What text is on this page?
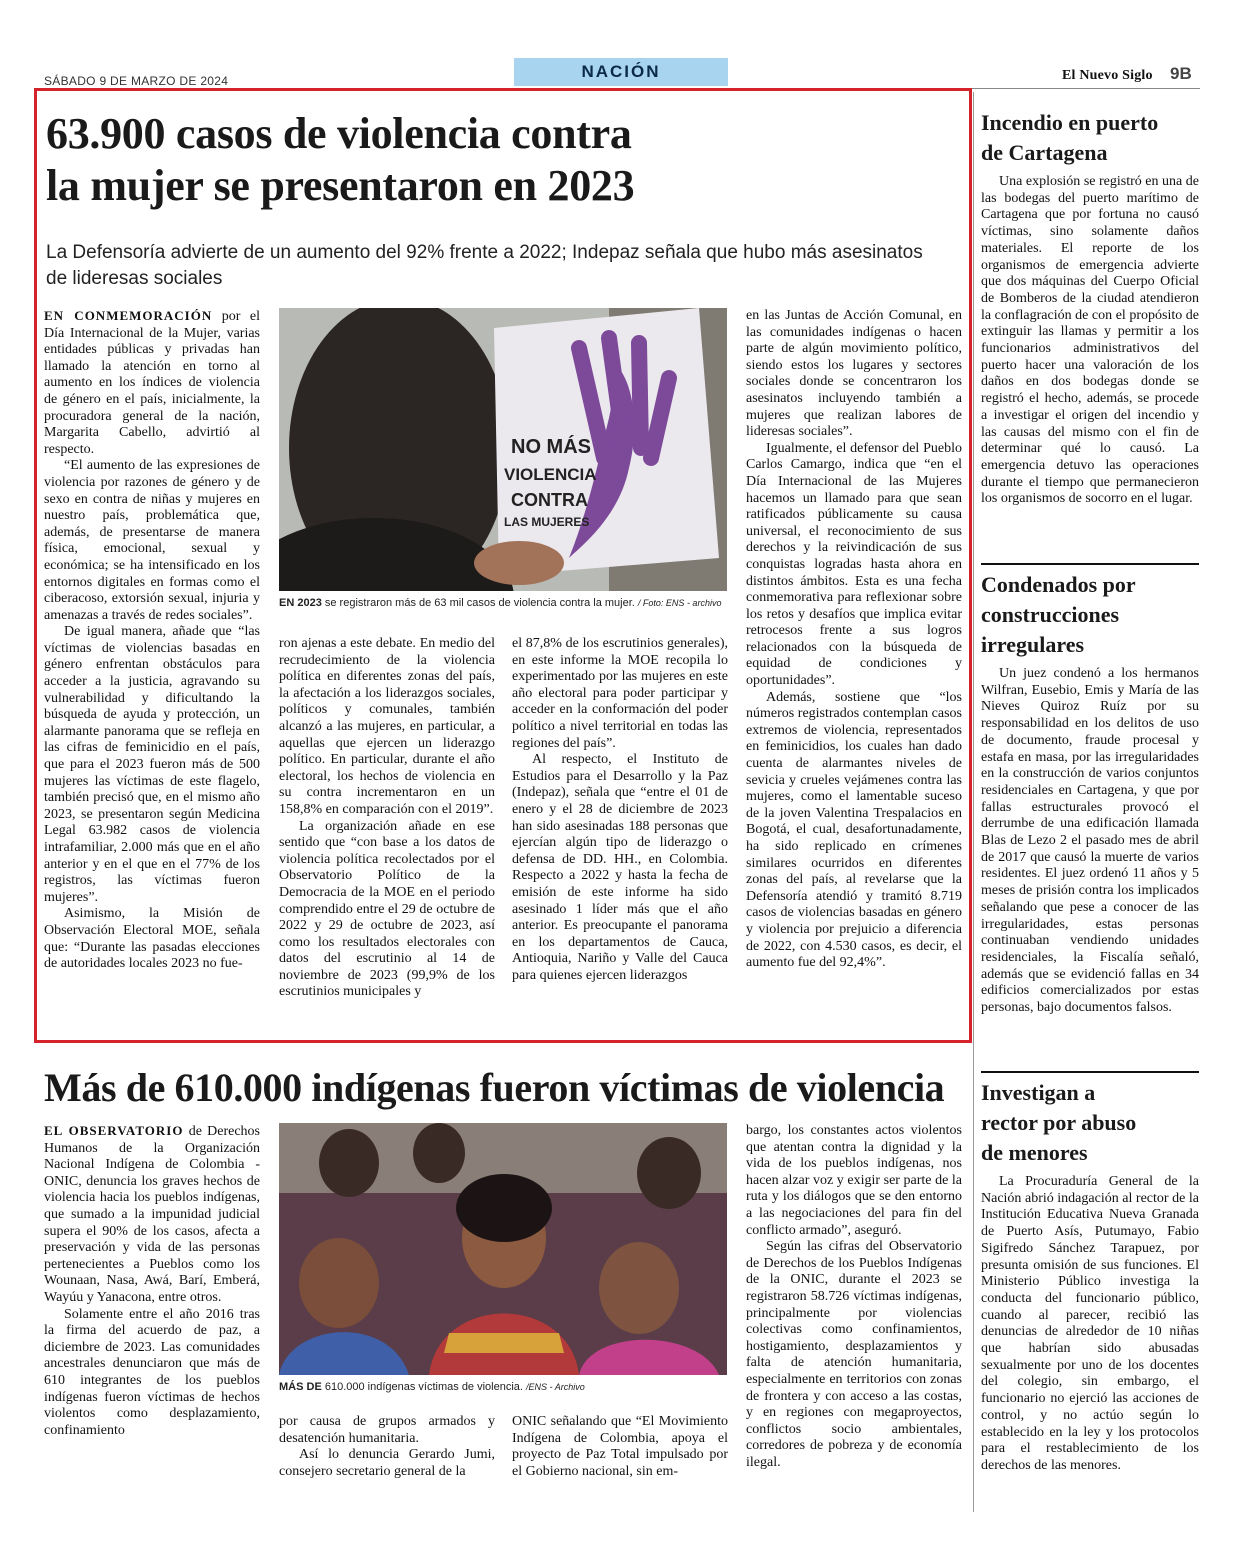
SÁBADO 9 DE MARZO DE 2024	NACIÓN	El Nuevo Siglo 9B
63.900 casos de violencia contra
la mujer se presentaron en 2023
La Defensoría advierte de un aumento del 92% frente a 2022; Indepaz señala que hubo más asesinatos de lideresas sociales

EN CONMEMORACIÓN por el Día Internacional de la Mujer, varias entidades públicas y privadas han llamado la atención en torno al aumento en los índices de violencia de género en el país, inicialmente, la procuradora general de la nación, Margarita Cabello, advirtió al respecto.

“El aumento de las expresiones de violencia por razones de género y de sexo en contra de niñas y mujeres en nuestro país, problemática que, además, de presentarse de manera física, emocional, sexual y económica; se ha intensificado en los entornos digitales en formas como el ciberacoso, extorsión sexual, injuria y amenazas a través de redes sociales”.

De igual manera, añade que “las víctimas de violencias basadas en género enfrentan obstáculos para acceder a la justicia, agravando su vulnerabilidad y dificultando la búsqueda de ayuda y protección, un alarmante panorama que se refleja en las cifras de feminicidio en el país, que para el 2023 fueron más de 500 mujeres las víctimas de este flagelo, también precisó que, en el mismo año 2023, se presentaron según Medicina Legal 63.982 casos de violencia intrafamiliar, 2.000 más que en el año anterior y en el que en el 77% de los registros, las víctimas fueron mujeres”.

Asimismo, la Misión de Observación Electoral MOE, señala que: “Durante las pasadas elecciones de autoridades locales 2023 no fue-

NO MÁS
VIOLENCIA
CONTRA
LAS MUJERES
EN 2023 se registraron más de 63 mil casos de violencia contra la mujer. / Foto: ENS - archivo

ron ajenas a este debate. En medio del recrudecimiento de la violencia política en diferentes zonas del país, la afectación a los liderazgos sociales, políticos y comunales, también alcanzó a las mujeres, en particular, a aquellas que ejercen un liderazgo político. En particular, durante el año electoral, los hechos de violencia en su contra incrementaron en un 158,8% en comparación con el 2019”.

La organización añade en ese sentido que “con base a los datos de violencia política recolectados por el Observatorio Político de la Democracia de la MOE en el periodo comprendido entre el 29 de octubre de 2022 y 29 de octubre de 2023, así como los resultados electorales con datos del escrutinio al 14 de noviembre de 2023 (99,9% de los escrutinios municipales y

el 87,8% de los escrutinios generales), en este informe la MOE recopila lo experimentado por las mujeres en este año electoral para poder participar y acceder en la conformación del poder político a nivel territorial en todas las regiones del país”.

Al respecto, el Instituto de Estudios para el Desarrollo y la Paz (Indepaz), señala que “entre el 01 de enero y el 28 de diciembre de 2023 han sido asesinadas 188 personas que ejercían algún tipo de liderazgo o defensa de DD. HH., en Colombia. Respecto a 2022 y hasta la fecha de emisión de este informe ha sido asesinado 1 líder más que el año anterior. Es preocupante el panorama en los departamentos de Cauca, Antioquia, Nariño y Valle del Cauca para quienes ejercen liderazgos

en las Juntas de Acción Comunal, en las comunidades indígenas o hacen parte de algún movimiento político, siendo estos los lugares y sectores sociales donde se concentraron los asesinatos incluyendo también a mujeres que realizan labores de lideresas sociales”.

Igualmente, el defensor del Pueblo Carlos Camargo, indica que “en el Día Internacional de las Mujeres hacemos un llamado para que sean ratificados públicamente su causa universal, el reconocimiento de sus derechos y la reivindicación de sus conquistas logradas hasta ahora en distintos ámbitos. Esta es una fecha conmemorativa para reflexionar sobre los retos y desafíos que implica evitar retrocesos frente a sus logros relacionados con la búsqueda de equidad de condiciones y oportunidades”.

Además, sostiene que “los números registrados contemplan casos extremos de violencia, representados en feminicidios, los cuales han dado cuenta de alarmantes niveles de sevicia y crueles vejámenes contra las mujeres, como el lamentable suceso de la joven Valentina Trespalacios en Bogotá, el cual, desafortunadamente, ha sido replicado en crímenes similares ocurridos en diferentes zonas del país, al revelarse que la Defensoría atendió y tramitó 8.719 casos de violencias basadas en género y violencia por prejuicio a diferencia de 2022, con 4.530 casos, es decir, el aumento fue del 92,4%”.

Más de 610.000 indígenas fueron víctimas de violencia

EL OBSERVATORIO de Derechos Humanos de la Organización Nacional Indígena de Colombia - ONIC, denuncia los graves hechos de violencia hacia los pueblos indígenas, que sumado a la impunidad judicial supera el 90% de los casos, afecta a preservación y vida de las personas pertenecientes a Pueblos como los Wounaan, Nasa, Awá, Barí, Emberá, Wayúu y Yanacona, entre otros.

Solamente entre el año 2016 tras la firma del acuerdo de paz, a diciembre de 2023. Las comunidades ancestrales denunciaron que más de 610 integrantes de los pueblos indígenas fueron víctimas de hechos violentos como desplazamiento, confinamiento

MÁS DE 610.000 indígenas víctimas de violencia. /ENS - Archivo

por causa de grupos armados y desatención humanitaria.

Así lo denuncia Gerardo Jumi, consejero secretario general de la

ONIC señalando que “El Movimiento Indígena de Colombia, apoya el proyecto de Paz Total impulsado por el Gobierno nacional, sin em-

bargo, los constantes actos violentos que atentan contra la dignidad y la vida de los pueblos indígenas, nos hacen alzar voz y exigir ser parte de la ruta y los diálogos que se den entorno a las negociaciones del para fin del conflicto armado”, aseguró.

Según las cifras del Observatorio de Derechos de los Pueblos Indígenas de la ONIC, durante el 2023 se registraron 58.726 víctimas indígenas, principalmente por violencias colectivas como confinamientos, hostigamiento, desplazamientos y falta de atención humanitaria, especialmente en territorios con zonas de frontera y con acceso a las costas, y en regiones con megaproyectos, conflictos socio ambientales, corredores de pobreza y de economía ilegal.

Incendio en puerto
de Cartagena

Una explosión se registró en una de las bodegas del puerto marítimo de Cartagena que por fortuna no causó víctimas, sino solamente daños materiales. El reporte de los organismos de emergencia advierte que dos máquinas del Cuerpo Oficial de Bomberos de la ciudad atendieron la conflagración de con el propósito de extinguir las llamas y permitir a los funcionarios administrativos del puerto hacer una valoración de los daños en dos bodegas donde se registró el hecho, además, se procede a investigar el origen del incendio y las causas del mismo con el fin de determinar qué lo causó. La emergencia detuvo las operaciones durante el tiempo que permanecieron los organismos de socorro en el lugar.

Condenados por
construcciones
irregulares

Un juez condenó a los hermanos Wilfran, Eusebio, Emis y María de las Nieves Quiroz Ruíz por su responsabilidad en los delitos de uso de documento, fraude procesal y estafa en masa, por las irregularidades en la construcción de varios conjuntos residenciales en Cartagena, y que por fallas estructurales provocó el derrumbe de una edificación llamada Blas de Lezo 2 el pasado mes de abril de 2017 que causó la muerte de varios residentes. El juez ordenó 11 años y 5 meses de prisión contra los implicados señalando que pese a conocer de las irregularidades, estas personas continuaban vendiendo unidades residenciales, la Fiscalía señaló, además que se evidenció fallas en 34 edificios comercializados por estas personas, bajo documentos falsos.

Investigan a
rector por abuso
de menores

La Procuraduría General de la Nación abrió indagación al rector de la Institución Educativa Nueva Granada de Puerto Asís, Putumayo, Fabio Sigifredo Sánchez Tarapuez, por presunta omisión de sus funciones. El Ministerio Público investiga la conducta del funcionario público, cuando al parecer, recibió las denuncias de alrededor de 10 niñas que habrían sido abusadas sexualmente por uno de los docentes del colegio, sin embargo, el funcionario no ejerció las acciones de control, y no actúo según lo establecido en la ley y los protocolos para el restablecimiento de los derechos de las menores.
